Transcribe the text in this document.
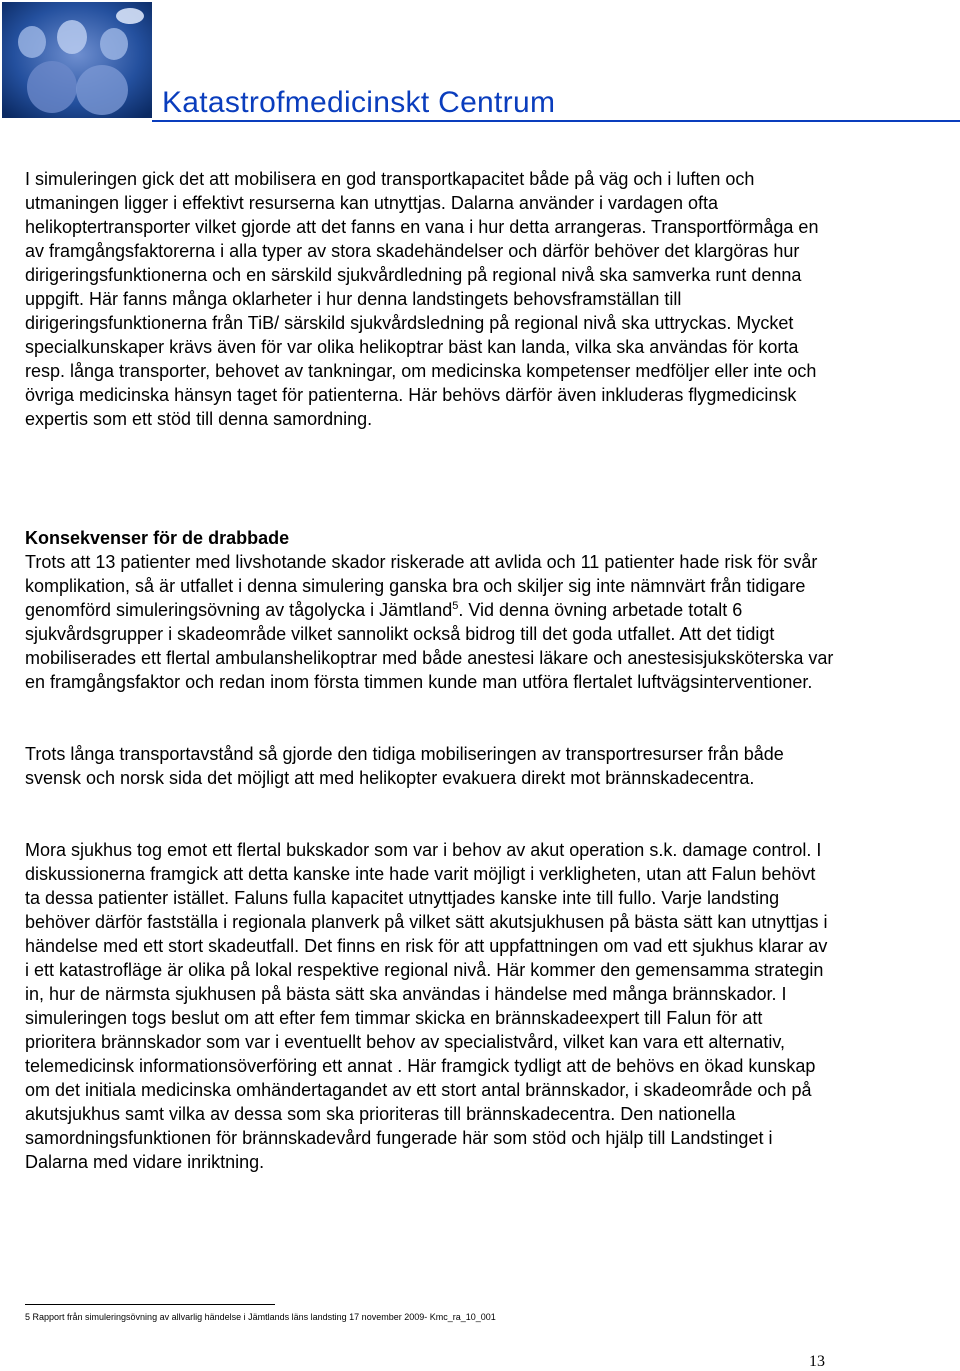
Katastrofmedicinskt Centrum

I simuleringen gick det att mobilisera en god transportkapacitet både på väg och i luften och utmaningen ligger i effektivt resurserna kan utnyttjas. Dalarna använder i vardagen ofta helikoptertransporter vilket gjorde att det fanns en vana i hur detta arrangeras. Transportförmåga en av framgångsfaktorerna i alla typer av stora skadehändelser och därför behöver det klargöras hur dirigeringsfunktionerna och en särskild sjukvårdledning på regional nivå ska samverka runt denna uppgift. Här fanns många oklarheter i hur denna landstingets behovsframställan till dirigeringsfunktionerna från TiB/ särskild sjukvårdsledning på regional nivå ska uttryckas. Mycket specialkunskaper krävs även för var olika helikoptrar bäst kan landa, vilka ska användas för korta resp. långa transporter, behovet av tankningar, om medicinska kompetenser medföljer eller inte och övriga medicinska hänsyn taget för patienterna. Här behövs därför även inkluderas flygmedicinsk expertis som ett stöd till denna samordning.

Konsekvenser för de drabbade

Trots att 13 patienter med livshotande skador riskerade att avlida och 11 patienter hade risk för svår komplikation, så är utfallet i denna simulering ganska bra och skiljer sig inte nämnvärt från tidigare genomförd simuleringsövning av tågolycka i Jämtland$^5$. Vid denna övning arbetade totalt 6 sjukvårdsgrupper i skadeområde vilket sannolikt också bidrog till det goda utfallet. Att det tidigt mobiliserades ett flertal ambulanshelikoptrar med både anestesi läkare och anestesisjuksköterska var en framgångsfaktor och redan inom första timmen kunde man utföra flertalet luftvägsinterventioner.

Trots långa transportavstånd så gjorde den tidiga mobiliseringen av transportresurser från både svensk och norsk sida det möjligt att med helikopter evakuera direkt mot brännskadecentra.

Mora sjukhus tog emot ett flertal bukskador som var i behov av akut operation s.k. damage control. I diskussionerna framgick att detta kanske inte hade varit möjligt i verkligheten, utan att Falun behövt ta dessa patienter istället. Faluns fulla kapacitet utnyttjades kanske inte till fullo. Varje landsting behöver därför fastställa i regionala planverk på vilket sätt akutsjukhusen på bästa sätt kan utnyttjas i händelse med ett stort skadeutfall. Det finns en risk för att uppfattningen om vad ett sjukhus klarar av i ett katastrofläge är olika på lokal respektive regional nivå. Här kommer den gemensamma strategin in, hur de närmsta sjukhusen på bästa sätt ska användas i händelse med många brännskador. I simuleringen togs beslut om att efter fem timmar skicka en brännskadeexpert till Falun för att prioritera brännskador som var i eventuellt behov av specialistvård, vilket kan vara ett alternativ, telemedicinsk informationsöverföring ett annat . Här framgick tydligt att de behövs en ökad kunskap om det initiala medicinska omhändertagandet av ett stort antal brännskador, i skadeområde och på akutsjukhus samt vilka av dessa som ska prioriteras till brännskadecentra. Den nationella samordningsfunktionen för brännskadevård fungerade här som stöd och hjälp till Landstinget i Dalarna med vidare inriktning.

5 Rapport från simuleringsövning av allvarlig händelse i Jämtlands läns landsting 17 november 2009- Kmc_ra_10_001
13
